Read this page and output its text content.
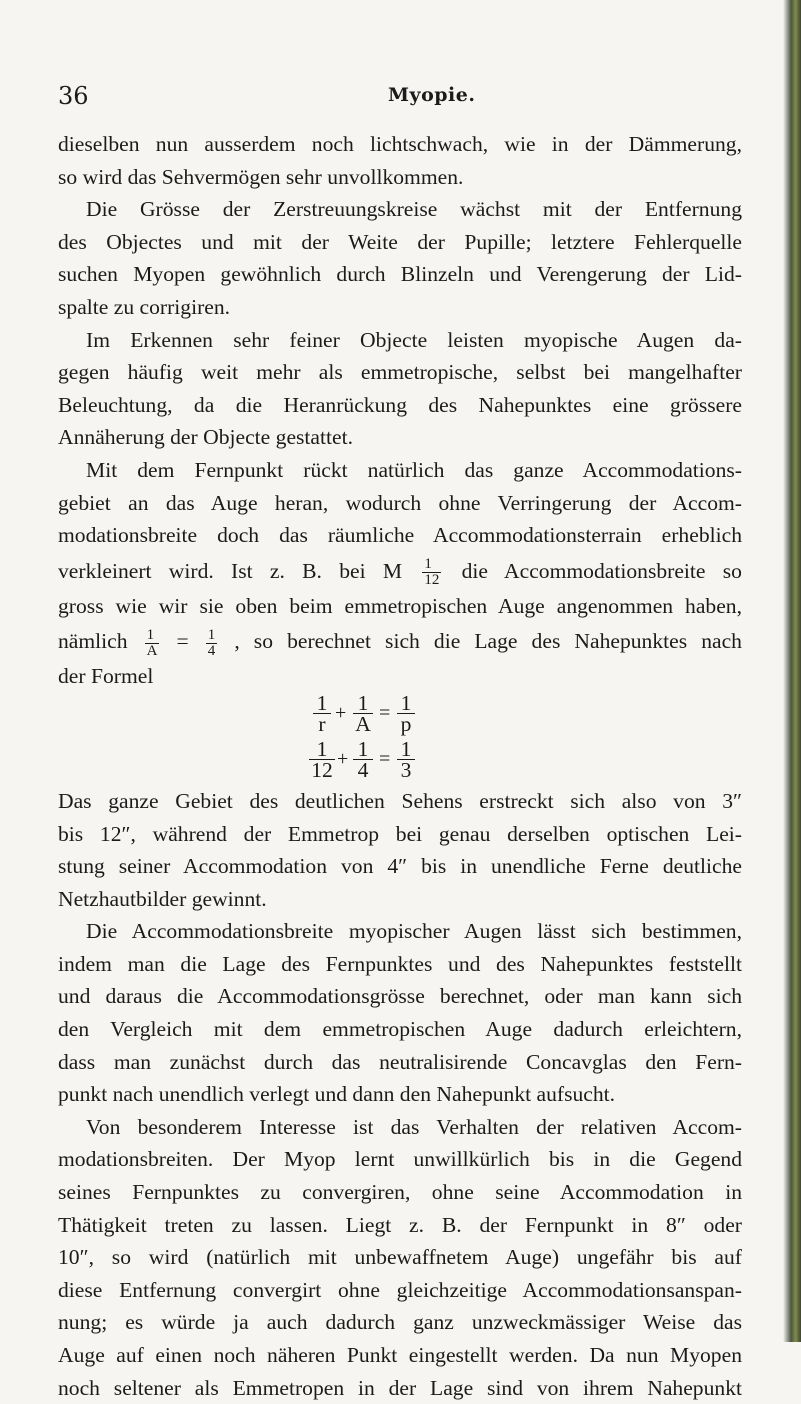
36	Myopie.
dieselben nun ausserdem noch lichtschwach, wie in der Dämmerung,
so wird das Sehvermögen sehr unvollkommen.
Die Grösse der Zerstreuungskreise wächst mit der Entfernung
des Objectes und mit der Weite der Pupille; letztere Fehlerquelle
suchen Myopen gewöhnlich durch Blinzeln und Verengerung der Lid-
spalte zu corrigiren.
Im Erkennen sehr feiner Objecte leisten myopische Augen da-
gegen häufig weit mehr als emmetropische, selbst bei mangelhafter
Beleuchtung, da die Heranrückung des Nahepunktes eine grössere
Annäherung der Objecte gestattet.
Mit dem Fernpunkt rückt natürlich das ganze Accommodations-
gebiet an das Auge heran, wodurch ohne Verringerung der Accom-
modationsbreite doch das räumliche Accommodationsterrain erheblich
verkleinert wird. Ist z. B. bei M $\frac{1}{12}$ die Accommodationsbreite so
gross wie wir sie oben beim emmetropischen Auge angenommen haben,
nämlich $\frac{1}{A} = \frac{1}{4}$ , so berechnet sich die Lage des Nahepunktes nach
der Formel
1
r + 1
A = 1
p
1
12 + 1
4 = 1
3
Das ganze Gebiet des deutlichen Sehens erstreckt sich also von 3″
bis 12″, während der Emmetrop bei genau derselben optischen Lei-
stung seiner Accommodation von 4″ bis in unendliche Ferne deutliche
Netzhautbilder gewinnt.
Die Accommodationsbreite myopischer Augen lässt sich bestimmen,
indem man die Lage des Fernpunktes und des Nahepunktes feststellt
und daraus die Accommodationsgrösse berechnet, oder man kann sich
den Vergleich mit dem emmetropischen Auge dadurch erleichtern,
dass man zunächst durch das neutralisirende Concavglas den Fern-
punkt nach unendlich verlegt und dann den Nahepunkt aufsucht.
Von besonderem Interesse ist das Verhalten der relativen Accom-
modationsbreiten. Der Myop lernt unwillkürlich bis in die Gegend
seines Fernpunktes zu convergiren, ohne seine Accommodation in
Thätigkeit treten zu lassen. Liegt z. B. der Fernpunkt in 8″ oder
10″, so wird (natürlich mit unbewaffnetem Auge) ungefähr bis auf
diese Entfernung convergirt ohne gleichzeitige Accommodationsanspan-
nung; es würde ja auch dadurch ganz unzweckmässiger Weise das
Auge auf einen noch näheren Punkt eingestellt werden. Da nun Myopen
noch seltener als Emmetropen in der Lage sind von ihrem Nahepunkt
